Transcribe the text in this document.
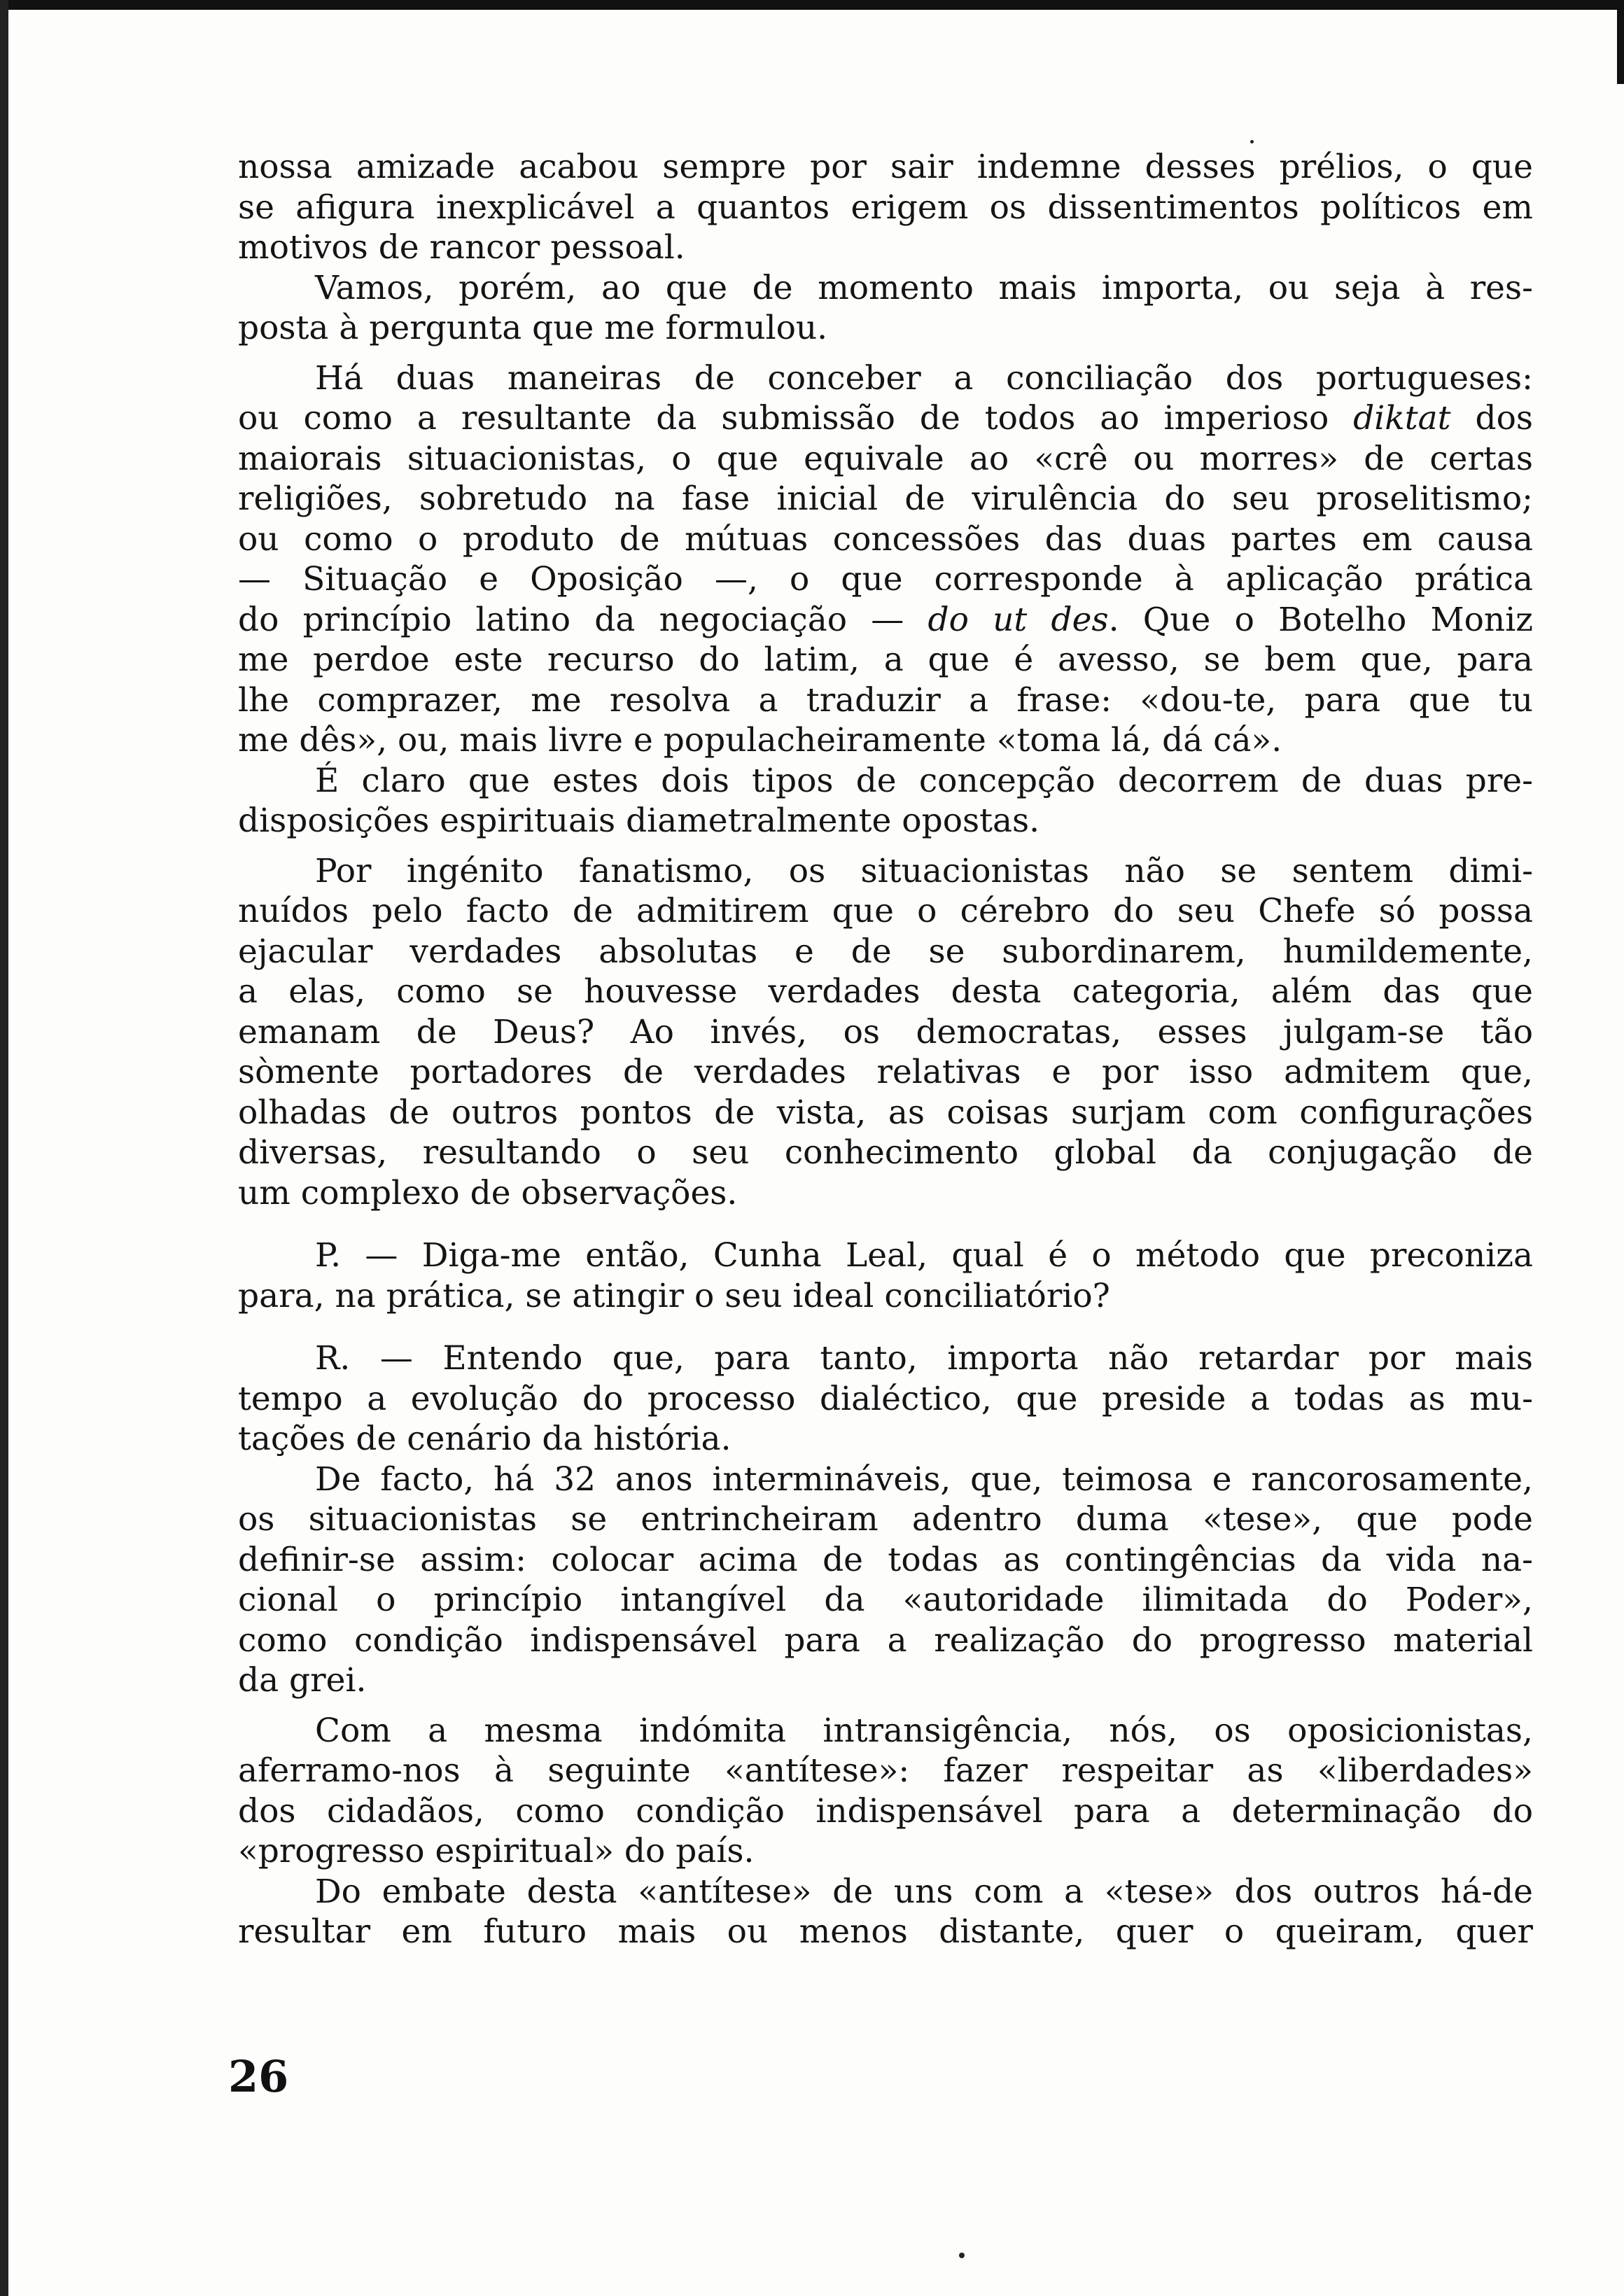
nossa amizade acabou sempre por sair indemne desses prélios, o que

se afigura inexplicável a quantos erigem os dissentimentos políticos em

motivos de rancor pessoal.

Vamos, porém, ao que de momento mais importa, ou seja à res-

posta à pergunta que me formulou.

Há duas maneiras de conceber a conciliação dos portugueses:

ou como a resultante da submissão de todos ao imperioso diktat dos

maiorais situacionistas, o que equivale ao «crê ou morres» de certas

religiões, sobretudo na fase inicial de virulência do seu proselitismo;

ou como o produto de mútuas concessões das duas partes em causa

— Situação e Oposição —, o que corresponde à aplicação prática

do princípio latino da negociação — do ut des. Que o Botelho Moniz

me perdoe este recurso do latim, a que é avesso, se bem que, para

lhe comprazer, me resolva a traduzir a frase: «dou-te, para que tu

me dês», ou, mais livre e populacheiramente «toma lá, dá cá».

É claro que estes dois tipos de concepção decorrem de duas pre-

disposições espirituais diametralmente opostas.

Por ingénito fanatismo, os situacionistas não se sentem dimi-

nuídos pelo facto de admitirem que o cérebro do seu Chefe só possa

ejacular verdades absolutas e de se subordinarem, humildemente,

a elas, como se houvesse verdades desta categoria, além das que

emanam de Deus? Ao invés, os democratas, esses julgam-se tão

sòmente portadores de verdades relativas e por isso admitem que,

olhadas de outros pontos de vista, as coisas surjam com configurações

diversas, resultando o seu conhecimento global da conjugação de

um complexo de observações.

P. — Diga-me então, Cunha Leal, qual é o método que preconiza

para, na prática, se atingir o seu ideal conciliatório?

R. — Entendo que, para tanto, importa não retardar por mais

tempo a evolução do processo dialéctico, que preside a todas as mu-

tações de cenário da história.

De facto, há 32 anos intermináveis, que, teimosa e rancorosamente,

os situacionistas se entrincheiram adentro duma «tese», que pode

definir-se assim: colocar acima de todas as contingências da vida na-

cional o princípio intangível da «autoridade ilimitada do Poder»,

como condição indispensável para a realização do progresso material

da grei.

Com a mesma indómita intransigência, nós, os oposicionistas,

aferramo-nos à seguinte «antítese»: fazer respeitar as «liberdades»

dos cidadãos, como condição indispensável para a determinação do

«progresso espiritual» do país.

Do embate desta «antítese» de uns com a «tese» dos outros há-de

resultar em futuro mais ou menos distante, quer o queiram, quer

26
